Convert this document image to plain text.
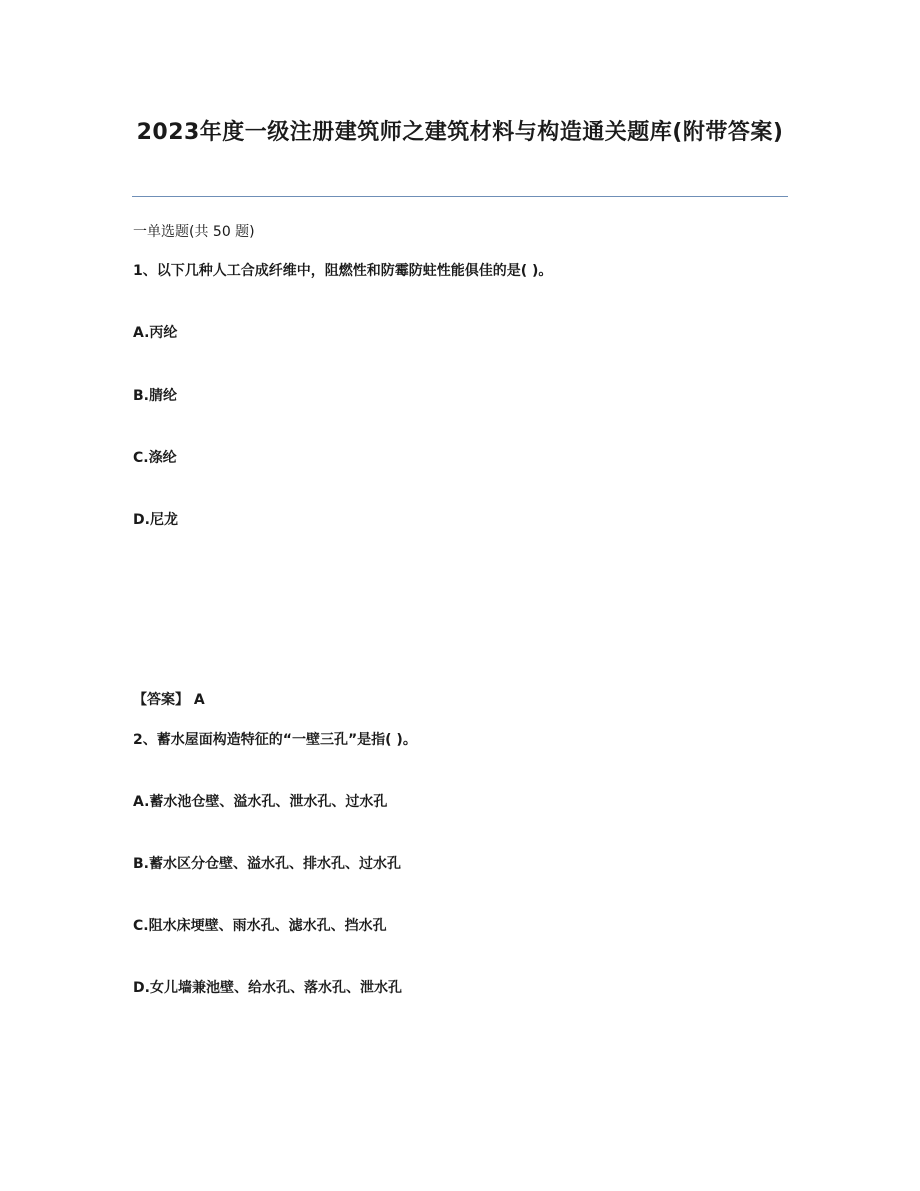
2023年度一级注册建筑师之建筑材料与构造通关题库(附带答案)
一单选题(共 50 题)
1、以下几种人工合成纤维中，阻燃性和防霉防蛀性能俱佳的是( )。
A.丙纶
B.腈纶
C.涤纶
D.尼龙
【答案】 A
2、蓄水屋面构造特征的“一壁三孔”是指( )。
A.蓄水池仓壁、溢水孔、泄水孔、过水孔
B.蓄水区分仓壁、溢水孔、排水孔、过水孔
C.阻水床埂壁、雨水孔、滤水孔、挡水孔
D.女儿墙兼池壁、给水孔、落水孔、泄水孔
